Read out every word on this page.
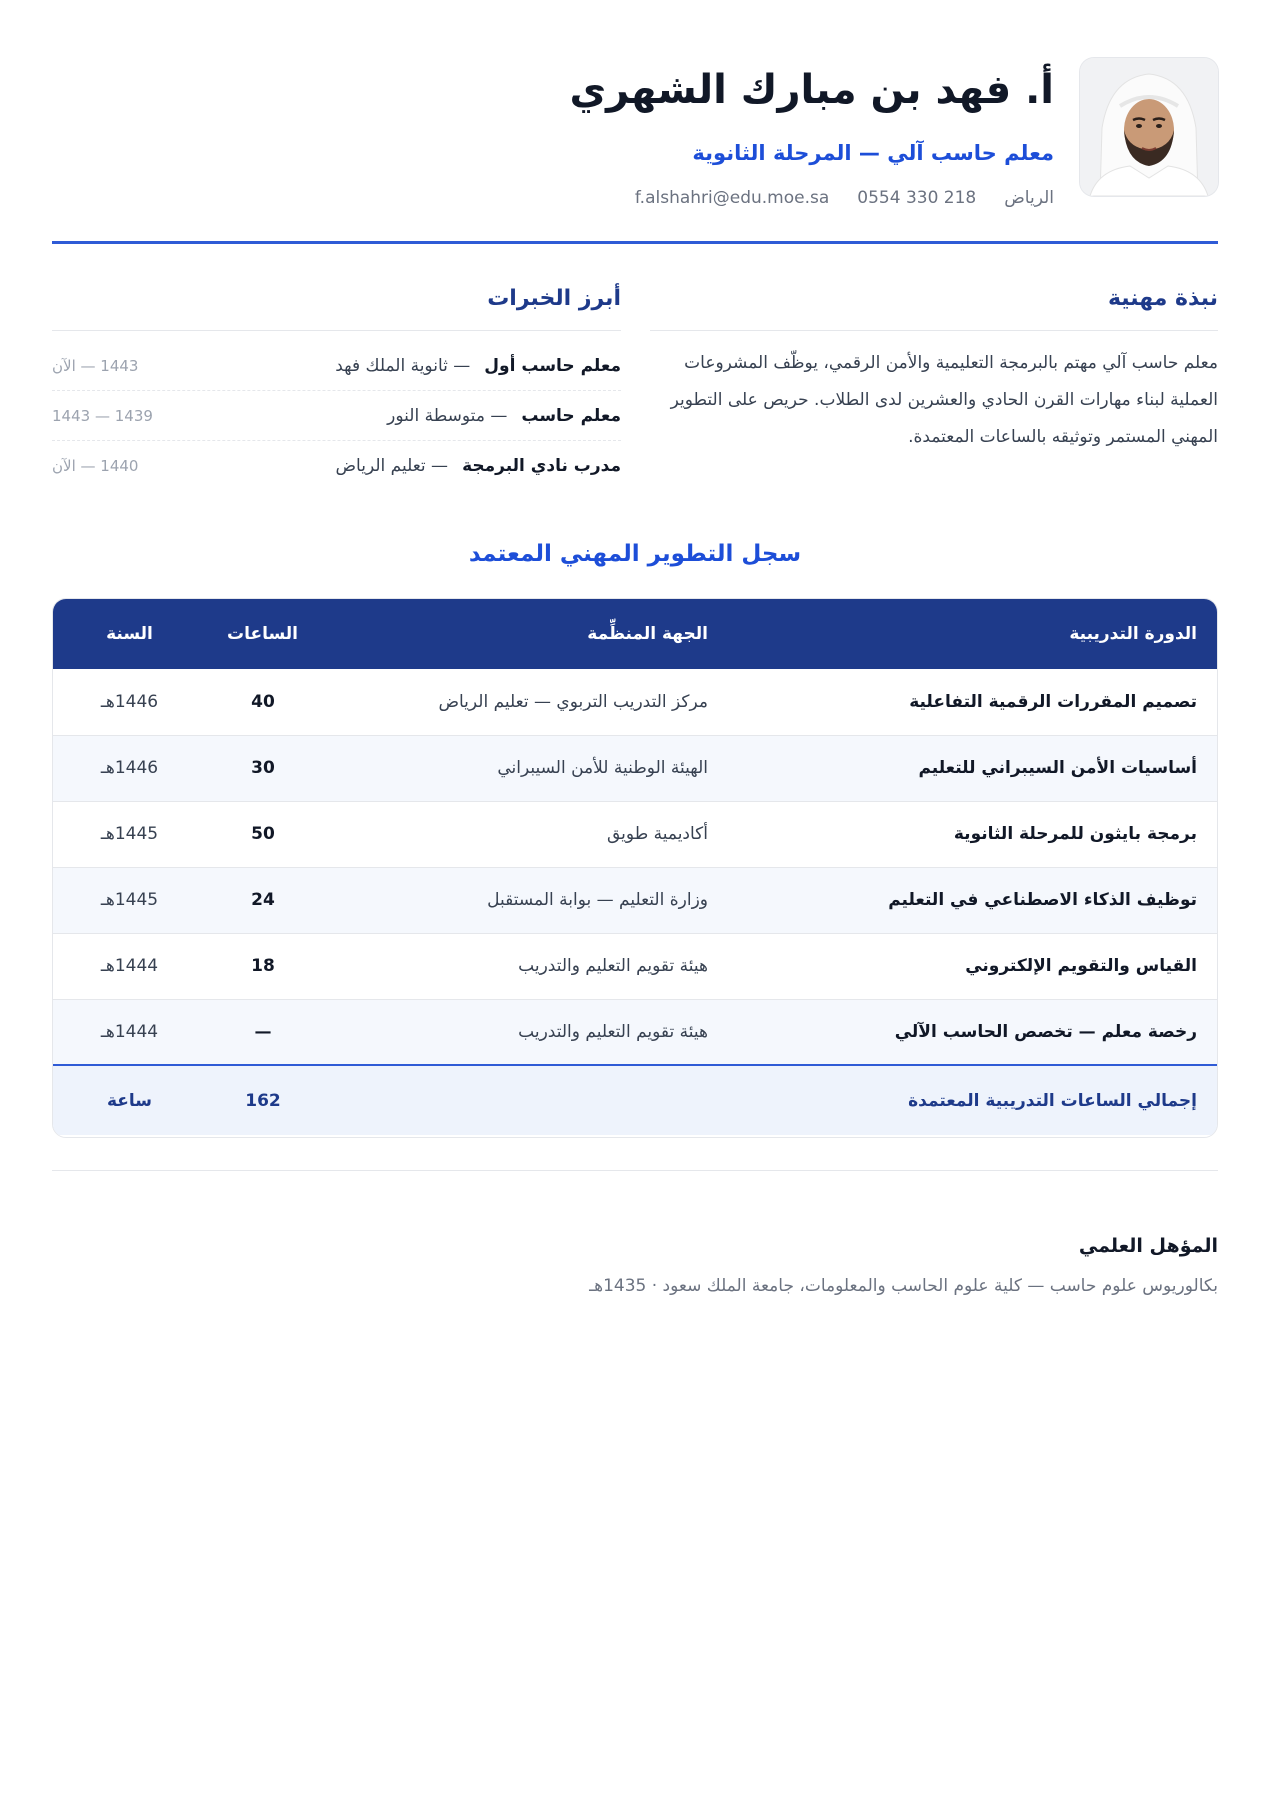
أ. فهد بن مبارك الشهري
معلم حاسب آلي — المرحلة الثانوية
الرياض
0554 330 218
f.alshahri@edu.moe.sa
نبذة مهنية
معلم حاسب آلي مهتم بالبرمجة التعليمية والأمن الرقمي، يوظّف المشروعات العملية لبناء مهارات القرن الحادي والعشرين لدى الطلاب. حريص على التطوير المهني المستمر وتوثيقه بالساعات المعتمدة.
أبرز الخبرات
معلم حاسب أول
— ثانوية الملك فهد
1443 — الآن
معلم حاسب
— متوسطة النور
1439 — 1443
مدرب نادي البرمجة
— تعليم الرياض
1440 — الآن
سجل التطوير المهني المعتمد
الدورة التدريبية	الجهة المنظِّمة	الساعات	السنة
تصميم المقررات الرقمية التفاعلية	مركز التدريب التربوي — تعليم الرياض	40	1446هـ
أساسيات الأمن السيبراني للتعليم	الهيئة الوطنية للأمن السيبراني	30	1446هـ
برمجة بايثون للمرحلة الثانوية	أكاديمية طويق	50	1445هـ
توظيف الذكاء الاصطناعي في التعليم	وزارة التعليم — بوابة المستقبل	24	1445هـ
القياس والتقويم الإلكتروني	هيئة تقويم التعليم والتدريب	18	1444هـ
رخصة معلم — تخصص الحاسب الآلي	هيئة تقويم التعليم والتدريب	—	1444هـ
إجمالي الساعات التدريبية المعتمدة		162	ساعة
المؤهل العلمي
بكالوريوس علوم حاسب — كلية علوم الحاسب والمعلومات، جامعة الملك سعود · 1435هـ
